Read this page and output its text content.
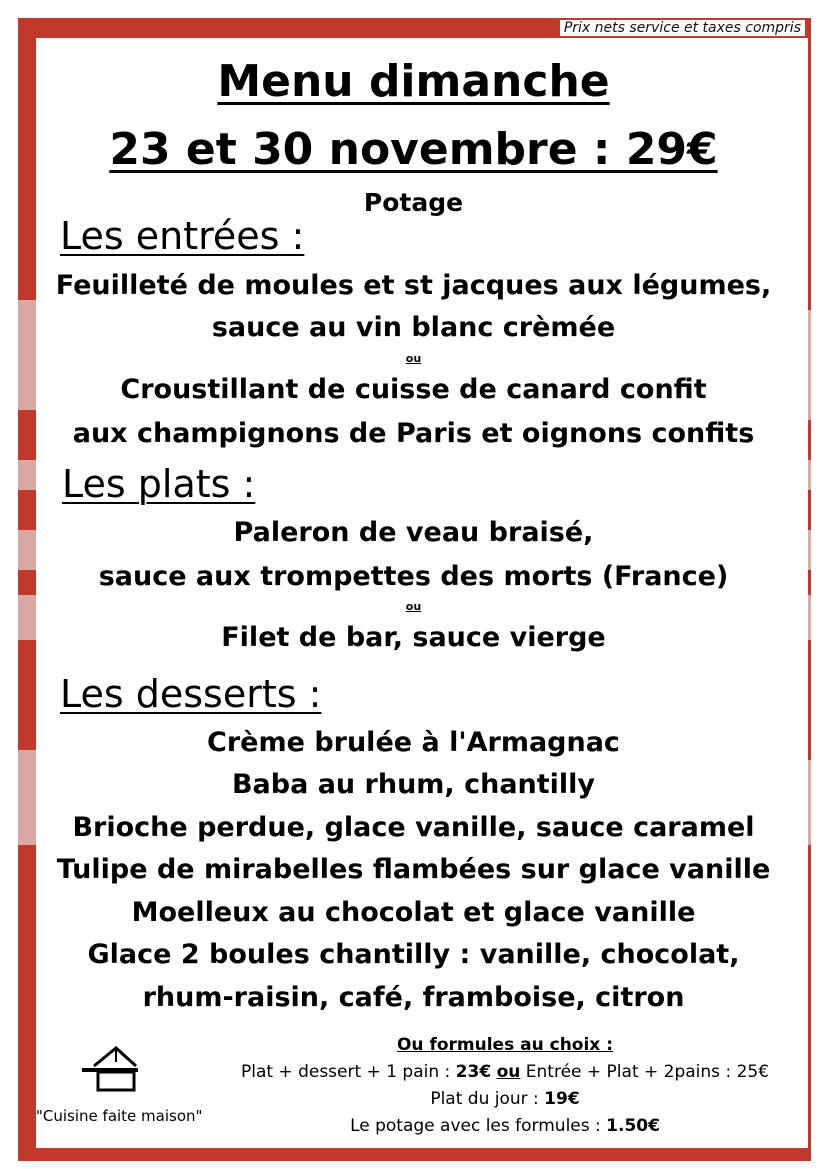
Prix nets service et taxes compris
Menu dimanche
23 et 30 novembre : 29€
Potage
Les entrées :
Feuilleté de moules et st jacques aux légumes,
sauce au vin blanc crèmée
ou
Croustillant de cuisse de canard confit
aux champignons de Paris et oignons confits
Les plats :
Paleron de veau braisé,
sauce aux trompettes des morts (France)
ou
Filet de bar, sauce vierge
Les desserts :
Crème brulée à l'Armagnac
Baba au rhum, chantilly
Brioche perdue, glace vanille, sauce caramel
Tulipe de mirabelles flambées sur glace vanille
Moelleux au chocolat et glace vanille
Glace 2 boules chantilly : vanille, chocolat,
rhum-raisin, café, framboise, citron
Ou formules au choix :
Plat + dessert + 1 pain : 23€ ou Entrée + Plat + 2pains : 25€
Plat du jour : 19€
Le potage avec les formules : 1.50€
"Cuisine faite maison"
